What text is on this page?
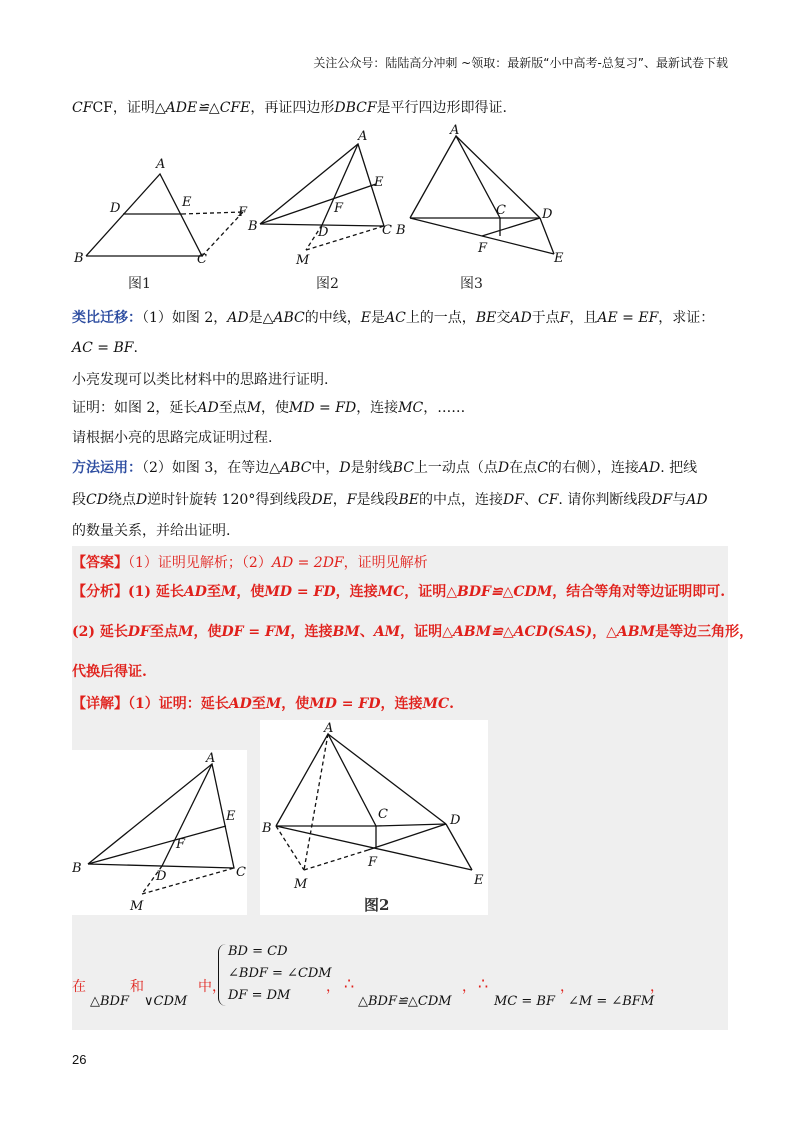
关注公众号：陆陆高分冲刺 ~领取：最新版“小中高考-总复习”、最新试卷下载
CFCF，证明△ADE≌△CFE，再证四边形DBCF是平行四边形即得证.
A
B	C
D	E
F
A
B	C
D
E
F
M
A
B
C	D
E
F
图1	图2	图3
类比迁移：（1）如图 2，AD是△ABC的中线，E是AC上的一点，BE交AD于点F，且AE = EF，求证：
AC = BF.
小亮发现可以类比材料中的思路进行证明.
证明：如图 2，延长AD至点M，使MD = FD，连接MC，……
请根据小亮的思路完成证明过程.
方法运用：（2）如图 3，在等边△ABC中，D是射线BC上一动点（点D在点C的右侧），连接AD. 把线
段CD绕点D逆时针旋转 120°得到线段DE，F是线段BE的中点，连接DF、CF. 请你判断线段DF与AD
的数量关系，并给出证明.
【答案】（1）证明见解析；（2）AD = 2DF，证明见解析
【分析】(1) 延长AD至M，使MD = FD，连接MC，证明△BDF≌△CDM，结合等角对等边证明即可.
(2) 延长DF至点M，使DF = FM，连接BM、AM，证明△ABM≌△ACD(SAS)，△ABM是等边三角形，
代换后得证.
【详解】（1）证明：延长AD至M，使MD = FD，连接MC.
A
B	C
D
E
F
M
A
B
C	D
E
F
M
图2
在
△BDF
和
∨CDM
中，
BD = CD
∠BDF = ∠CDM
DF = DM
， ∴
△BDF≌△CDM
， ∴
MC = BF
，
∠M = ∠BFM
，
26
